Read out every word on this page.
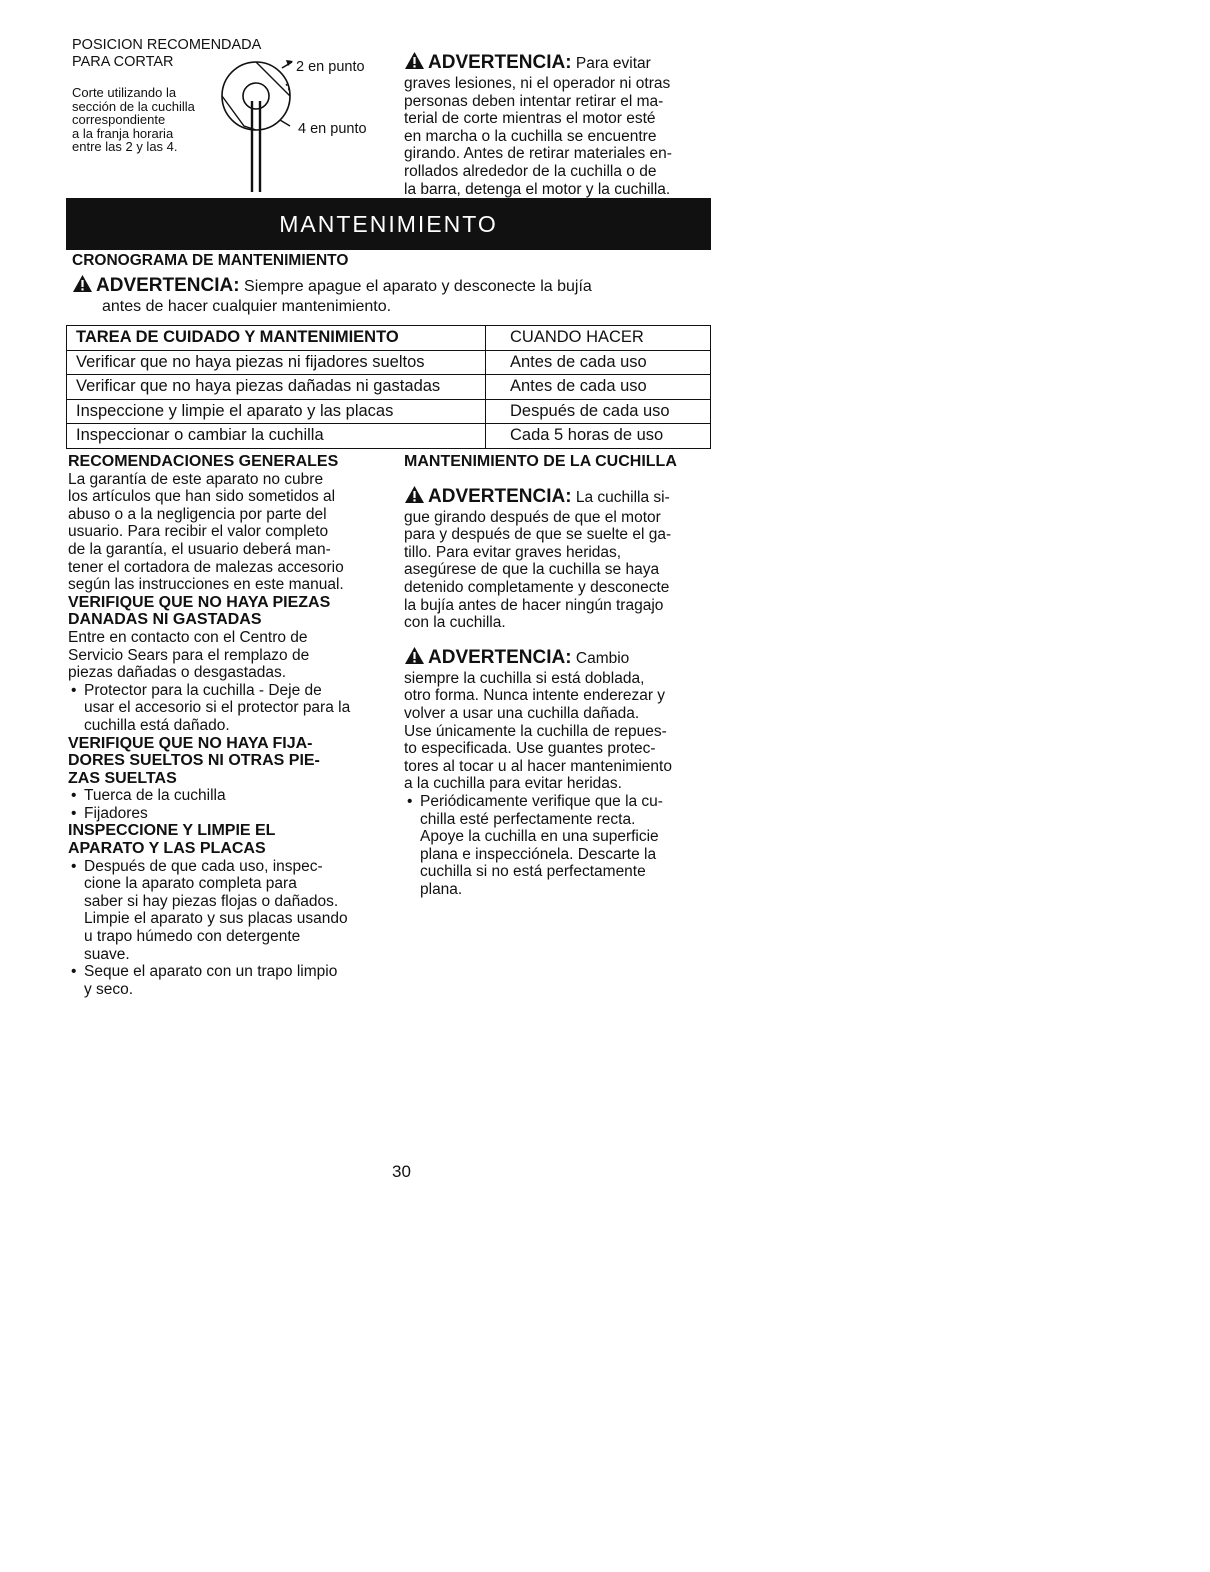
POSICION RECOMENDADA
PARA CORTAR
Corte utilizando la
sección de la cuchilla
correspondiente
a la franja horaria
entre las 2 y las 4.
2 en punto
4 en punto
ADVERTENCIA: Para evitar
graves lesiones, ni el operador ni otras
personas deben intentar retirar el ma-
terial de corte mientras el motor esté
en marcha o la cuchilla se encuentre
girando. Antes de retirar materiales en-
rollados alrededor de la cuchilla o de
la barra, detenga el motor y la cuchilla.
MANTENIMIENTO
CRONOGRAMA DE MANTENIMIENTO
ADVERTENCIA: Siempre apague el aparato y desconecte la bujía
antes de hacer cualquier mantenimiento.
TAREA DE CUIDADO Y MANTENIMIENTO	CUANDO HACER
Verificar que no haya piezas ni fijadores sueltos	Antes de cada uso
Verificar que no haya piezas dañadas ni gastadas	Antes de cada uso
Inspeccione y limpie el aparato y las placas	Después de cada uso
Inspeccionar o cambiar la cuchilla	Cada 5 horas de uso
RECOMENDACIONES GENERALES
La garantía de este aparato no cubre
los artículos que han sido sometidos al
abuso o a la negligencia por parte del
usuario. Para recibir el valor completo
de la garantía, el usuario deberá man-
tener el cortadora de malezas accesorio
según las instrucciones en este manual.
VERIFIQUE QUE NO HAYA PIEZAS
DANADAS NI GASTADAS
Entre en contacto con el Centro de
Servicio Sears para el remplazo de
piezas dañadas o desgastadas.
• Protector para la cuchilla - Deje de
usar el accesorio si el protector para la
cuchilla está dañado.
VERIFIQUE QUE NO HAYA FIJA-
DORES SUELTOS NI OTRAS PIE-
ZAS SUELTAS
• Tuerca de la cuchilla
• Fijadores
INSPECCIONE Y LIMPIE EL
APARATO Y LAS PLACAS
• Después de que cada uso, inspec-
cione la aparato completa para
saber si hay piezas flojas o dañados.
Limpie el aparato y sus placas usando
u trapo húmedo con detergente
suave.
• Seque el aparato con un trapo limpio
y seco.
MANTENIMIENTO DE LA CUCHILLA
ADVERTENCIA: La cuchilla si-
gue girando después de que el motor
para y después de que se suelte el ga-
tillo. Para evitar graves heridas,
asegúrese de que la cuchilla se haya
detenido completamente y desconecte
la bujía antes de hacer ningún tragajo
con la cuchilla.
ADVERTENCIA: Cambio
siempre la cuchilla si está doblada,
otro forma. Nunca intente enderezar y
volver a usar una cuchilla dañada.
Use únicamente la cuchilla de repues-
to especificada. Use guantes protec-
tores al tocar u al hacer mantenimiento
a la cuchilla para evitar heridas.
• Periódicamente verifique que la cu-
chilla esté perfectamente recta.
Apoye la cuchilla en una superficie
plana e inspecciónela. Descarte la
cuchilla si no está perfectamente
plana.
30
